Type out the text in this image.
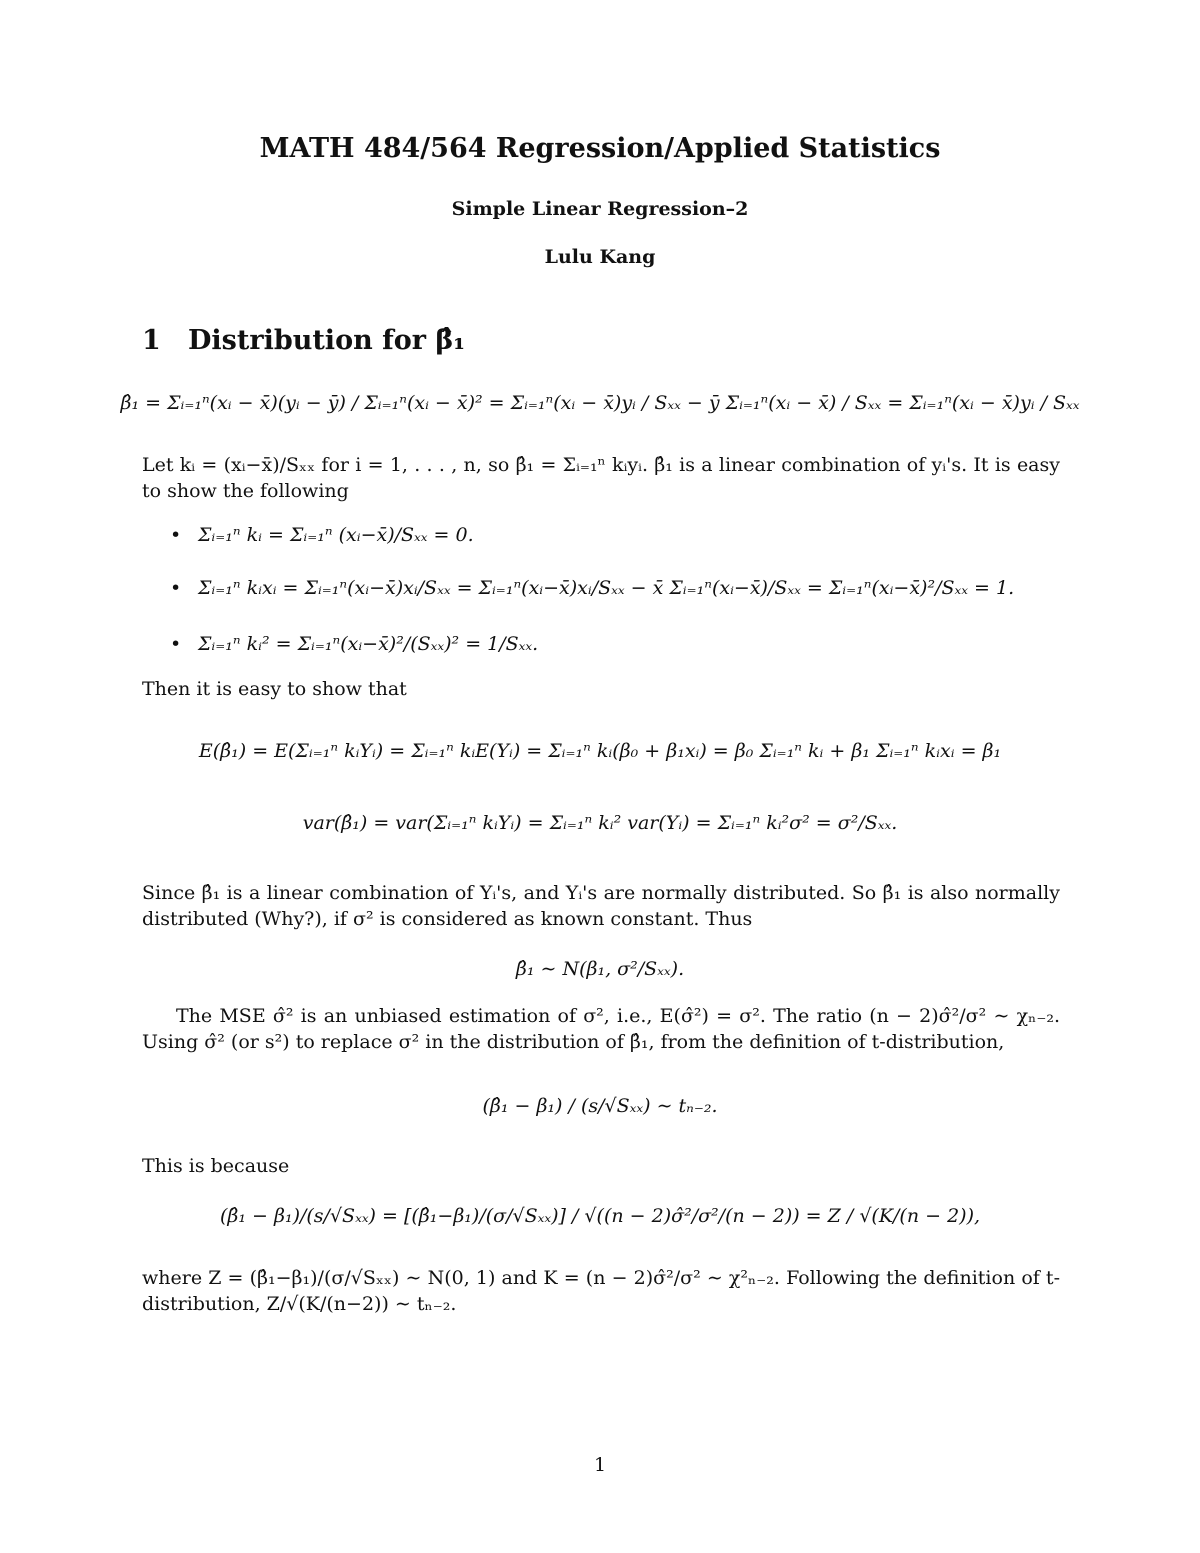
MATH 484/564 Regression/Applied Statistics
Simple Linear Regression–2
Lulu Kang
1 Distribution for β̂₁
β̂₁ = Σᵢ₌₁ⁿ(xᵢ − x̄)(yᵢ − ȳ) / Σᵢ₌₁ⁿ(xᵢ − x̄)² = Σᵢ₌₁ⁿ(xᵢ − x̄)yᵢ / Sₓₓ − ȳ Σᵢ₌₁ⁿ(xᵢ − x̄) / Sₓₓ = Σᵢ₌₁ⁿ(xᵢ − x̄)yᵢ / Sₓₓ
Let kᵢ = (xᵢ−x̄)/Sₓₓ for i = 1, . . . , n, so β̂₁ = Σᵢ₌₁ⁿ kᵢyᵢ. β̂₁ is a linear combination of yᵢ's. It is easy to show the following
• Σᵢ₌₁ⁿ kᵢ = Σᵢ₌₁ⁿ (xᵢ−x̄)/Sₓₓ = 0.
• Σᵢ₌₁ⁿ kᵢxᵢ = Σᵢ₌₁ⁿ(xᵢ−x̄)xᵢ/Sₓₓ = Σᵢ₌₁ⁿ(xᵢ−x̄)xᵢ/Sₓₓ − x̄ Σᵢ₌₁ⁿ(xᵢ−x̄)/Sₓₓ = Σᵢ₌₁ⁿ(xᵢ−x̄)²/Sₓₓ = 1.
• Σᵢ₌₁ⁿ kᵢ² = Σᵢ₌₁ⁿ(xᵢ−x̄)²/(Sₓₓ)² = 1/Sₓₓ.
Then it is easy to show that
E(β̂₁) = E(Σᵢ₌₁ⁿ kᵢYᵢ) = Σᵢ₌₁ⁿ kᵢE(Yᵢ) = Σᵢ₌₁ⁿ kᵢ(β₀ + β₁xᵢ) = β₀ Σᵢ₌₁ⁿ kᵢ + β₁ Σᵢ₌₁ⁿ kᵢxᵢ = β₁
var(β̂₁) = var(Σᵢ₌₁ⁿ kᵢYᵢ) = Σᵢ₌₁ⁿ kᵢ² var(Yᵢ) = Σᵢ₌₁ⁿ kᵢ²σ² = σ²/Sₓₓ.
Since β̂₁ is a linear combination of Yᵢ's, and Yᵢ's are normally distributed. So β̂₁ is also normally distributed (Why?), if σ² is considered as known constant. Thus
β̂₁ ∼ N(β₁, σ²/Sₓₓ).
The MSE σ̂² is an unbiased estimation of σ², i.e., E(σ̂²) = σ². The ratio (n − 2)σ̂²/σ² ∼ χₙ₋₂. Using σ̂² (or s²) to replace σ² in the distribution of β̂₁, from the definition of t-distribution,
(β̂₁ − β₁) / (s/√Sₓₓ) ∼ tₙ₋₂.
This is because
(β̂₁ − β₁)/(s/√Sₓₓ) = [(β̂₁−β₁)/(σ/√Sₓₓ)] / √((n − 2)σ̂²/σ²/(n − 2)) = Z / √(K/(n − 2)),
where Z = (β̂₁−β₁)/(σ/√Sₓₓ) ∼ N(0, 1) and K = (n − 2)σ̂²/σ² ∼ χ²ₙ₋₂. Following the definition of t-distribution, Z/√(K/(n−2)) ∼ tₙ₋₂.
1
